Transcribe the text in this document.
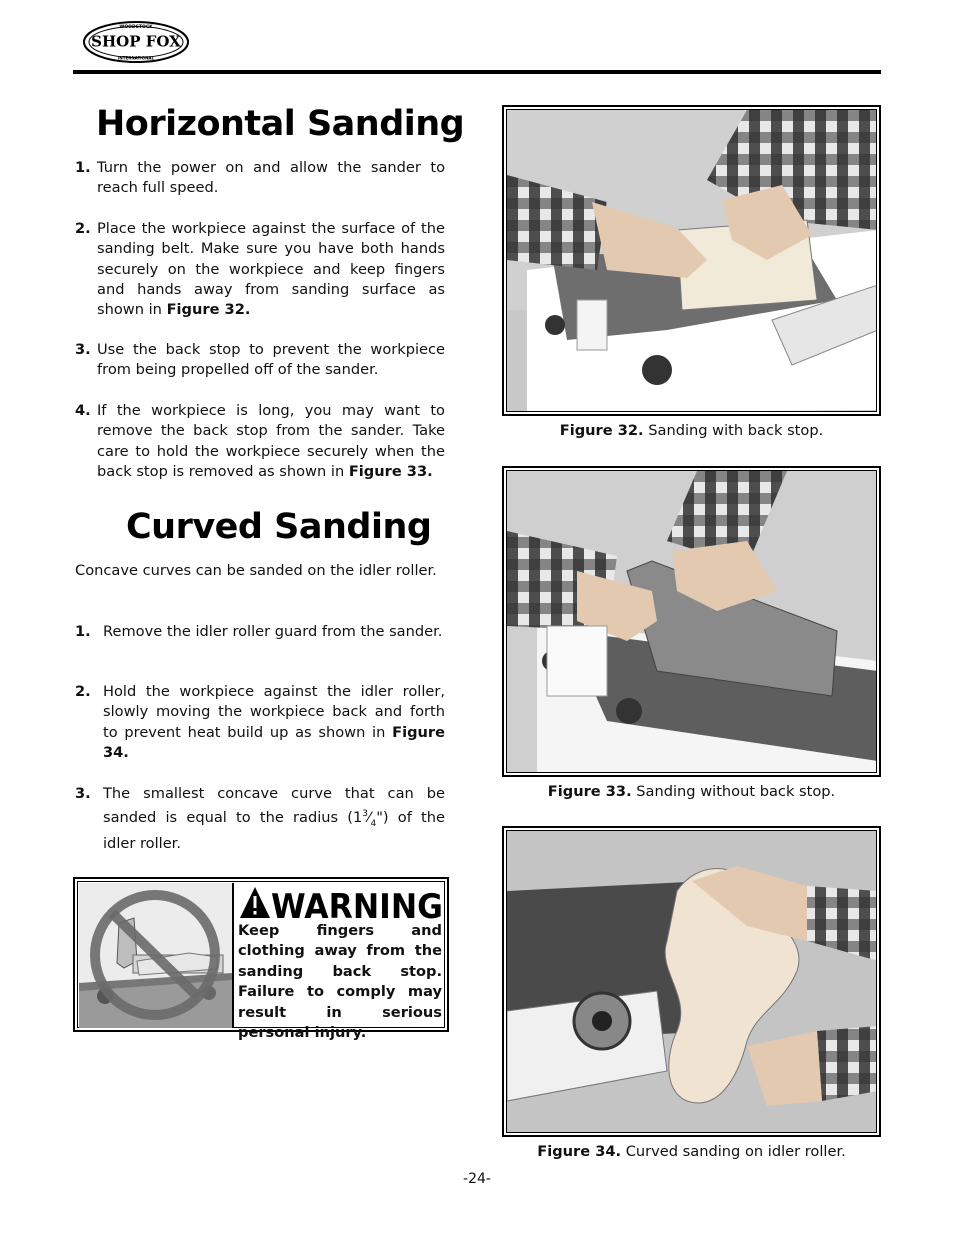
WOODSTOCK
SHOP FOX
INTERNATIONAL
Horizontal Sanding
1. Turn the power on and allow the sander to reach full speed.
2. Place the workpiece against the surface of the sanding belt. Make sure you have both hands securely on the workpiece and keep fingers and hands away from sanding surface as shown in Figure 32.
3. Use the back stop to prevent the workpiece from being propelled off of the sander.
4. If the workpiece is long, you may want to remove the back stop from the sander. Take care to hold the workpiece securely when the back stop is removed as shown in Figure 33.
Curved Sanding
Concave curves can be sanded on the idler roller.
1. Remove the idler roller guard from the sander.
2. Hold the workpiece against the idler roller, slowly moving the workpiece back and forth to prevent heat build up as shown in Figure 34.
3. The smallest concave curve that can be sanded is equal to the radius $(1^3⁄_4")$ of the idler roller.
WARNING
Keep fingers and clothing away from the sanding back stop. Failure to comply may result in serious personal injury.
Figure 32. Sanding with back stop.
Figure 33. Sanding without back stop.
Figure 34. Curved sanding on idler roller.
-24-
